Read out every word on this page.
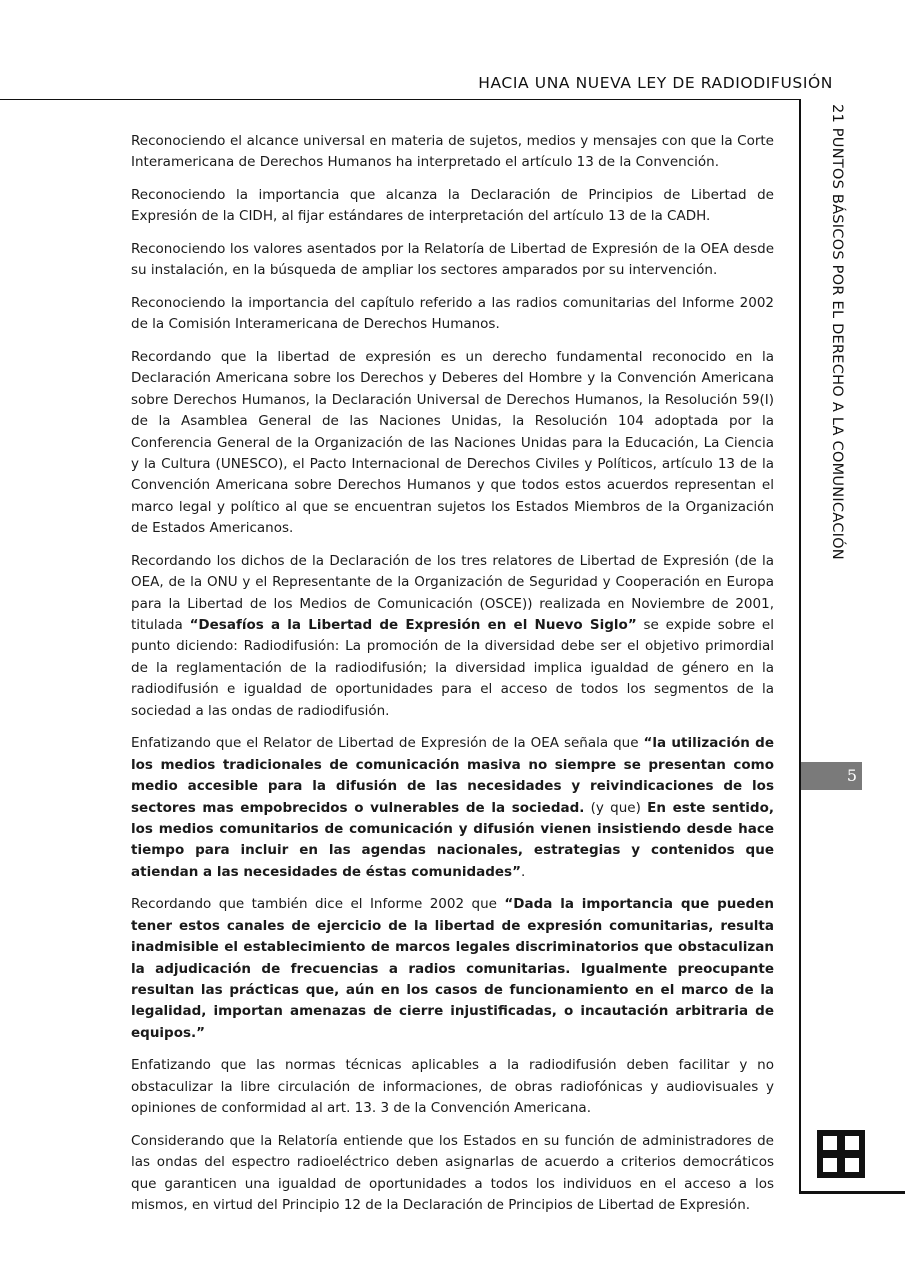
HACIA UNA NUEVA LEY DE RADIODIFUSIÓN
21 PUNTOS BÁSICOS POR EL DERECHO A LA COMUNICACIÓN
5

Reconociendo el alcance universal en materia de sujetos, medios y mensajes con que la Corte Interamericana de Derechos Humanos ha interpretado el artículo 13 de la Convención.

Reconociendo la importancia que alcanza la Declaración de Principios de Libertad de Expresión de la CIDH, al fijar estándares de interpretación del artículo 13 de la CADH.

Reconociendo los valores asentados por la Relatoría de Libertad de Expresión de la OEA desde su instalación, en la búsqueda de ampliar los sectores amparados por su intervención.

Reconociendo la importancia del capítulo referido a las radios comunitarias del Informe 2002 de la Comisión Interamericana de Derechos Humanos.

Recordando que la libertad de expresión es un derecho fundamental reconocido en la Declaración Americana sobre los Derechos y Deberes del Hombre y la Convención Americana sobre Derechos Humanos, la Declaración Universal de Derechos Humanos, la Resolución 59(I) de la Asamblea General de las Naciones Unidas, la Resolución 104 adoptada por la Conferencia General de la Organización de las Naciones Unidas para la Educación, La Ciencia y la Cultura (UNESCO), el Pacto Internacional de Derechos Civiles y Políticos, artículo 13 de la Convención Americana sobre Derechos Humanos y que todos estos acuerdos representan el marco legal y político al que se encuentran sujetos los Estados Miembros de la Organización de Estados Americanos.

Recordando los dichos de la Declaración de los tres relatores de Libertad de Expresión (de la OEA, de la ONU y el Representante de la Organización de Seguridad y Cooperación en Europa para la Libertad de los Medios de Comunicación (OSCE)) realizada en Noviembre de 2001, titulada “Desafíos a la Libertad de Expresión en el Nuevo Siglo” se expide sobre el punto diciendo: Radiodifusión: La promoción de la diversidad debe ser el objetivo primordial de la reglamentación de la radiodifusión; la diversidad implica igualdad de género en la radiodifusión e igualdad de oportunidades para el acceso de todos los segmentos de la sociedad a las ondas de radiodifusión.

Enfatizando que el Relator de Libertad de Expresión de la OEA señala que “la utilización de los medios tradicionales de comunicación masiva no siempre se presentan como medio accesible para la difusión de las necesidades y reivindicaciones de los sectores mas empobrecidos o vulnerables de la sociedad. (y que) En este sentido, los medios comunitarios de comunicación y difusión vienen insistiendo desde hace tiempo para incluir en las agendas nacionales, estrategias y contenidos que atiendan a las necesidades de éstas comunidades”.

Recordando que también dice el Informe 2002 que “Dada la importancia que pueden tener estos canales de ejercicio de la libertad de expresión comunitarias, resulta inadmisible el establecimiento de marcos legales discriminatorios que obstaculizan la adjudicación de frecuencias a radios comunitarias. Igualmente preocupante resultan las prácticas que, aún en los casos de funcionamiento en el marco de la legalidad, importan amenazas de cierre injustificadas, o incautación arbitraria de equipos.”

Enfatizando que las normas técnicas aplicables a la radiodifusión deben facilitar y no obstaculizar la libre circulación de informaciones, de obras radiofónicas y audiovisuales y opiniones de conformidad al art. 13. 3 de la Convención Americana.

Considerando que la Relatoría entiende que los Estados en su función de administradores de las ondas del espectro radioeléctrico deben asignarlas de acuerdo a criterios democráticos que garanticen una igualdad de oportunidades a todos los individuos en el acceso a los mismos, en virtud del Principio 12 de la Declaración de Principios de Libertad de Expresión.
